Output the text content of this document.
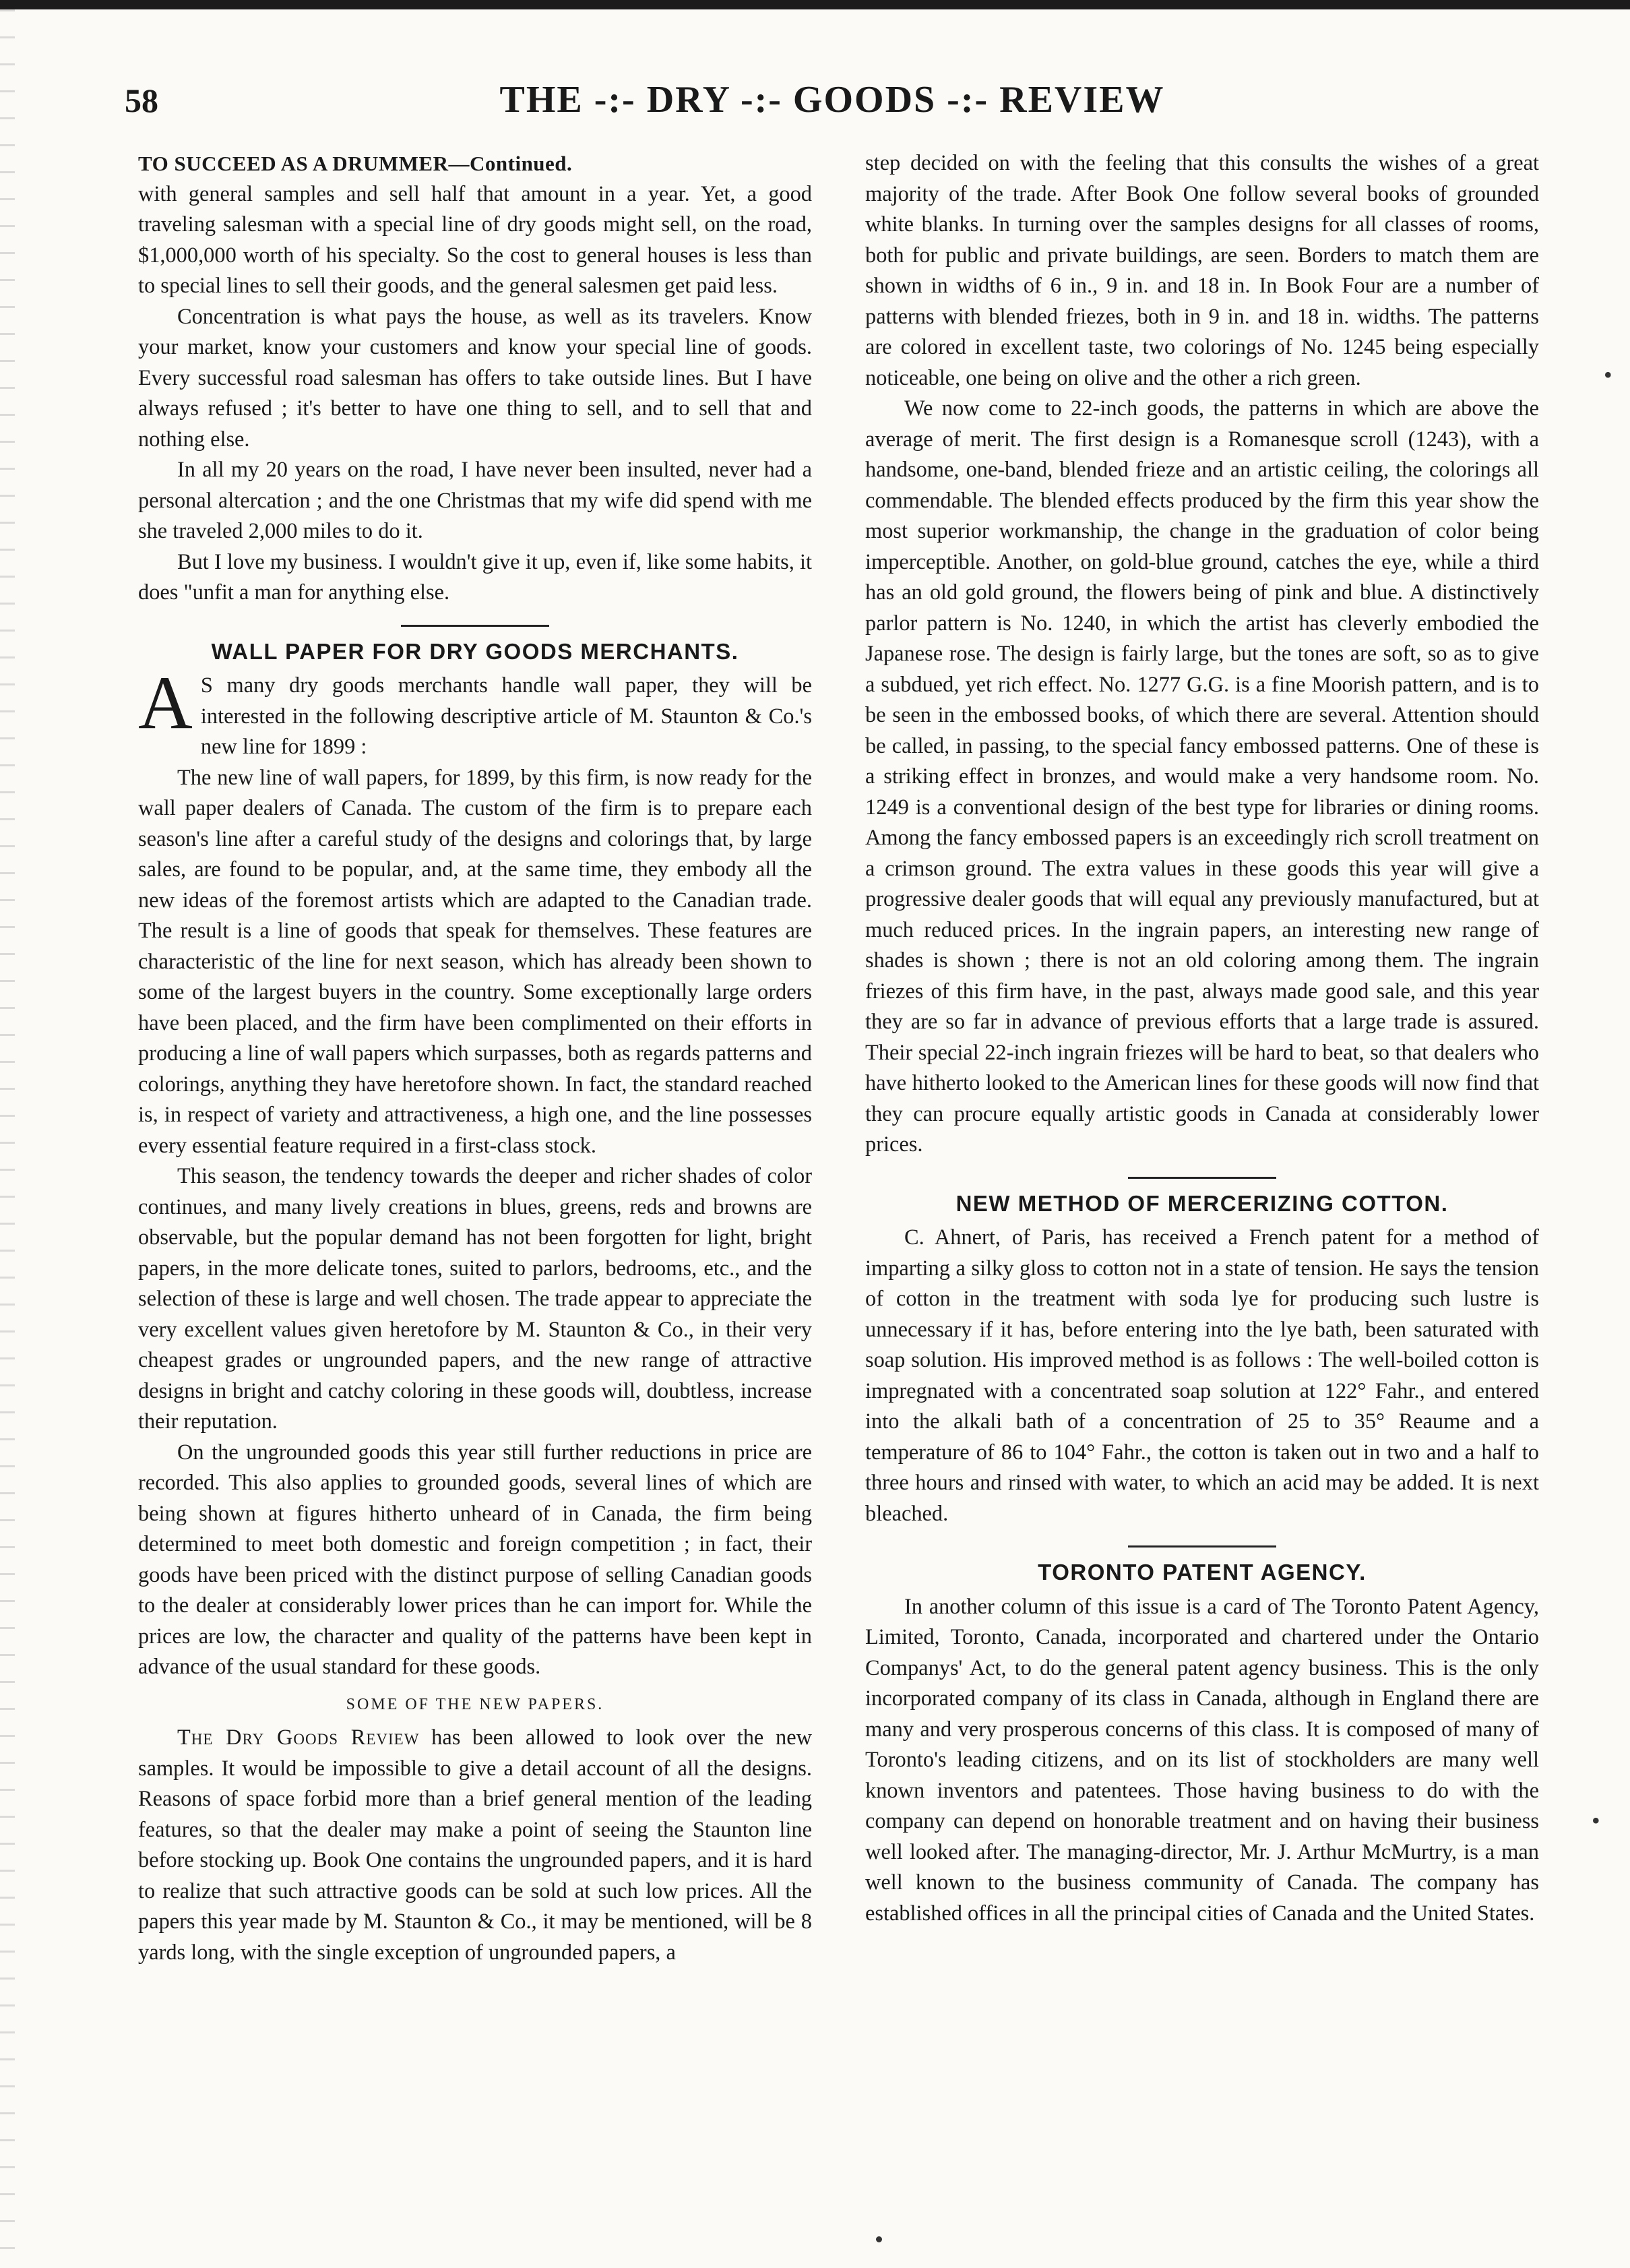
58	THE -:- DRY -:- GOODS -:- REVIEW
TO SUCCEED AS A DRUMMER—Continued.

with general samples and sell half that amount in a year. Yet, a good traveling salesman with a special line of dry goods might sell, on the road, $1,000,000 worth of his specialty. So the cost to general houses is less than to special lines to sell their goods, and the general salesmen get paid less.

Concentration is what pays the house, as well as its travelers. Know your market, know your customers and know your special line of goods. Every successful road salesman has offers to take outside lines. But I have always refused ; it's better to have one thing to sell, and to sell that and nothing else.

In all my 20 years on the road, I have never been insulted, never had a personal altercation ; and the one Christmas that my wife did spend with me she traveled 2,000 miles to do it.

But I love my business. I wouldn't give it up, even if, like some habits, it does "unfit a man for anything else.

WALL PAPER FOR DRY GOODS MERCHANTS.

A S many dry goods merchants handle wall paper, they will be interested in the following descriptive article of M. Staunton & Co.'s new line for 1899 :

The new line of wall papers, for 1899, by this firm, is now ready for the wall paper dealers of Canada. The custom of the firm is to prepare each season's line after a careful study of the designs and colorings that, by large sales, are found to be popular, and, at the same time, they embody all the new ideas of the foremost artists which are adapted to the Canadian trade. The result is a line of goods that speak for themselves. These features are characteristic of the line for next season, which has already been shown to some of the largest buyers in the country. Some exceptionally large orders have been placed, and the firm have been complimented on their efforts in producing a line of wall papers which surpasses, both as regards patterns and colorings, anything they have heretofore shown. In fact, the standard reached is, in respect of variety and attractiveness, a high one, and the line possesses every essential feature required in a first-class stock.

This season, the tendency towards the deeper and richer shades of color continues, and many lively creations in blues, greens, reds and browns are observable, but the popular demand has not been forgotten for light, bright papers, in the more delicate tones, suited to parlors, bedrooms, etc., and the selection of these is large and well chosen. The trade appear to appreciate the very excellent values given heretofore by M. Staunton & Co., in their very cheapest grades or ungrounded papers, and the new range of attractive designs in bright and catchy coloring in these goods will, doubtless, increase their reputation.

On the ungrounded goods this year still further reductions in price are recorded. This also applies to grounded goods, several lines of which are being shown at figures hitherto unheard of in Canada, the firm being determined to meet both domestic and foreign competition ; in fact, their goods have been priced with the distinct purpose of selling Canadian goods to the dealer at considerably lower prices than he can import for. While the prices are low, the character and quality of the patterns have been kept in advance of the usual standard for these goods.

SOME OF THE NEW PAPERS.

The Dry Goods Review has been allowed to look over the new samples. It would be impossible to give a detail account of all the designs. Reasons of space forbid more than a brief general mention of the leading features, so that the dealer may make a point of seeing the Staunton line before stocking up. Book One contains the ungrounded papers, and it is hard to realize that such attractive goods can be sold at such low prices. All the papers this year made by M. Staunton & Co., it may be mentioned, will be 8 yards long, with the single exception of ungrounded papers, a

step decided on with the feeling that this consults the wishes of a great majority of the trade. After Book One follow several books of grounded white blanks. In turning over the samples designs for all classes of rooms, both for public and private buildings, are seen. Borders to match them are shown in widths of 6 in., 9 in. and 18 in. In Book Four are a number of patterns with blended friezes, both in 9 in. and 18 in. widths. The patterns are colored in excellent taste, two colorings of No. 1245 being especially noticeable, one being on olive and the other a rich green.

We now come to 22-inch goods, the patterns in which are above the average of merit. The first design is a Romanesque scroll (1243), with a handsome, one-band, blended frieze and an artistic ceiling, the colorings all commendable. The blended effects produced by the firm this year show the most superior workmanship, the change in the graduation of color being imperceptible. Another, on gold-blue ground, catches the eye, while a third has an old gold ground, the flowers being of pink and blue. A distinctively parlor pattern is No. 1240, in which the artist has cleverly embodied the Japanese rose. The design is fairly large, but the tones are soft, so as to give a subdued, yet rich effect. No. 1277 G.G. is a fine Moorish pattern, and is to be seen in the embossed books, of which there are several. Attention should be called, in passing, to the special fancy embossed patterns. One of these is a striking effect in bronzes, and would make a very handsome room. No. 1249 is a conventional design of the best type for libraries or dining rooms. Among the fancy embossed papers is an exceedingly rich scroll treatment on a crimson ground. The extra values in these goods this year will give a progressive dealer goods that will equal any previously manufactured, but at much reduced prices. In the ingrain papers, an interesting new range of shades is shown ; there is not an old coloring among them. The ingrain friezes of this firm have, in the past, always made good sale, and this year they are so far in advance of previous efforts that a large trade is assured. Their special 22-inch ingrain friezes will be hard to beat, so that dealers who have hitherto looked to the American lines for these goods will now find that they can procure equally artistic goods in Canada at considerably lower prices.

NEW METHOD OF MERCERIZING COTTON.

C. Ahnert, of Paris, has received a French patent for a method of imparting a silky gloss to cotton not in a state of tension. He says the tension of cotton in the treatment with soda lye for producing such lustre is unnecessary if it has, before entering into the lye bath, been saturated with soap solution. His improved method is as follows : The well-boiled cotton is impregnated with a concentrated soap solution at 122° Fahr., and entered into the alkali bath of a concentration of 25 to 35° Reaume and a temperature of 86 to 104° Fahr., the cotton is taken out in two and a half to three hours and rinsed with water, to which an acid may be added. It is next bleached.

TORONTO PATENT AGENCY.

In another column of this issue is a card of The Toronto Patent Agency, Limited, Toronto, Canada, incorporated and chartered under the Ontario Companys' Act, to do the general patent agency business. This is the only incorporated company of its class in Canada, although in England there are many and very prosperous concerns of this class. It is composed of many of Toronto's leading citizens, and on its list of stockholders are many well known inventors and patentees. Those having business to do with the company can depend on honorable treatment and on having their business well looked after. The managing-director, Mr. J. Arthur McMurtry, is a man well known to the business community of Canada. The company has established offices in all the principal cities of Canada and the United States.

•
•
